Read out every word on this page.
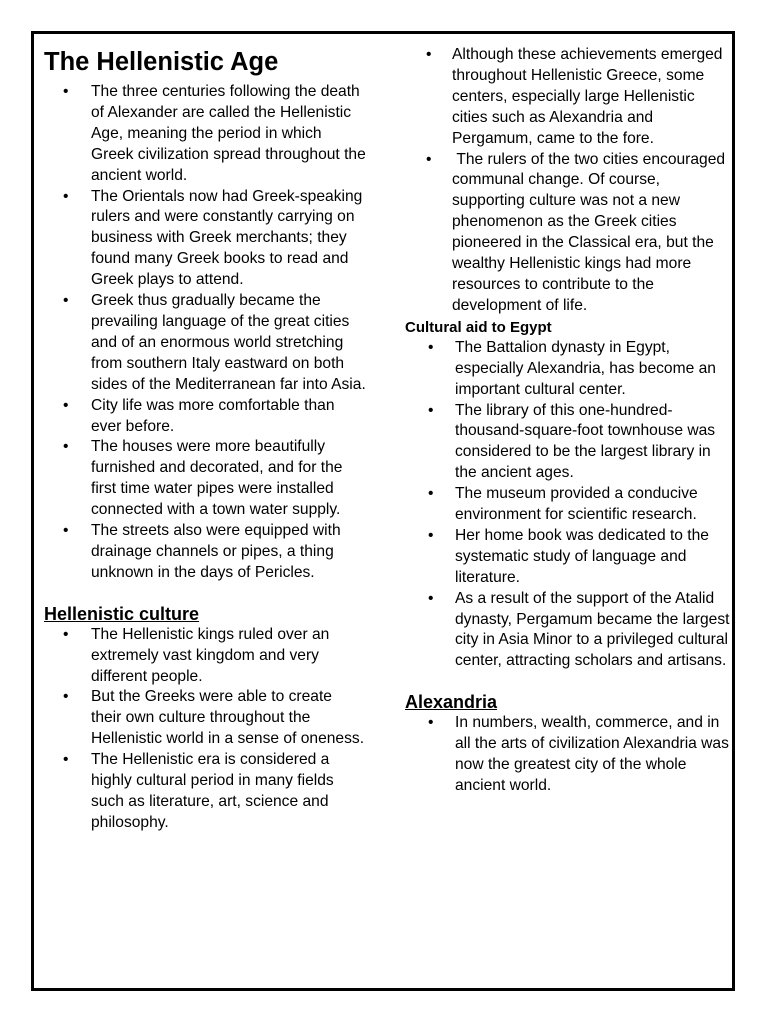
The Hellenistic Age
•	The three centuries following the death of Alexander are called the Hellenistic Age, meaning the period in which Greek civilization spread throughout the ancient world.
•	The Orientals now had Greek-speaking rulers and were constantly carrying on business with Greek merchants; they found many Greek books to read and Greek plays to attend.
•	Greek thus gradually became the prevailing language of the great cities and of an enormous world stretching from southern Italy eastward on both sides of the Mediterranean far into Asia.
•	City life was more comfortable than ever before.
•	The houses were more beautifully furnished and decorated, and for the first time water pipes were installed connected with a town water supply.
•	The streets also were equipped with drainage channels or pipes, a thing unknown in the days of Pericles.
Hellenistic culture
•	The Hellenistic kings ruled over an extremely vast kingdom and very different people.
•	But the Greeks were able to create their own culture throughout the Hellenistic world in a sense of oneness.
•	The Hellenistic era is considered a highly cultural period in many fields such as literature, art, science and philosophy.
•	Although these achievements emerged throughout Hellenistic Greece, some centers, especially large Hellenistic cities such as Alexandria and Pergamum, came to the fore.
•	The rulers of the two cities encouraged communal change. Of course, supporting culture was not a new phenomenon as the Greek cities pioneered in the Classical era, but the wealthy Hellenistic kings had more resources to contribute to the development of life.
Cultural aid to Egypt
•	The Battalion dynasty in Egypt, especially Alexandria, has become an important cultural center.
•	The library of this one-hundred-thousand-square-foot townhouse was considered to be the largest library in the ancient ages.
•	The museum provided a conducive environment for scientific research.
•	Her home book was dedicated to the systematic study of language and literature.
•	As a result of the support of the Atalid dynasty, Pergamum became the largest city in Asia Minor to a privileged cultural center, attracting scholars and artisans.
Alexandria
•	In numbers, wealth, commerce, and in all the arts of civilization Alexandria was now the greatest city of the whole ancient world.
